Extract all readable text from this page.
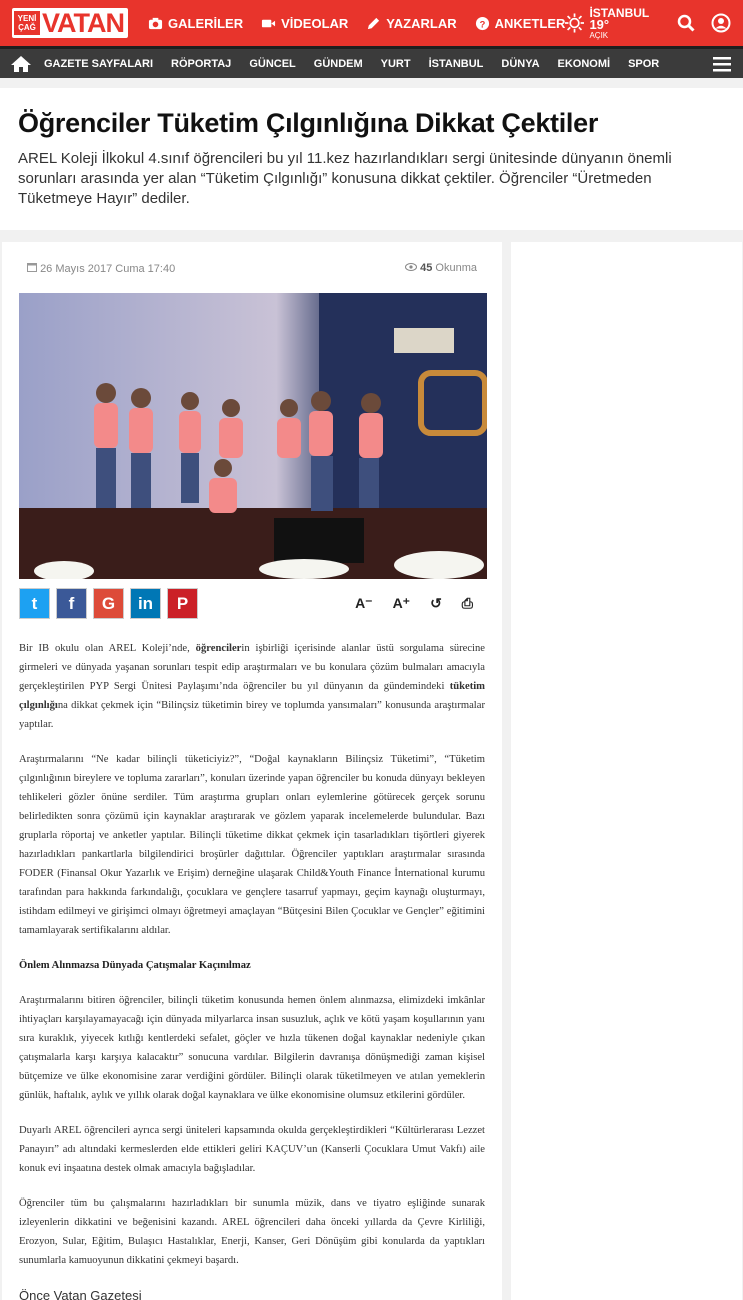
YENİ ÇAĞ VATAN	GALERİLER	VİDEOLAR	YAZARLAR ? ANKETLER
İSTANBUL 19°
AÇIK
GAZETE SAYFALARI RÖPORTAJ GÜNCEL GÜNDEM YURT İSTANBUL DÜNYA EKONOMİ SPOR
Öğrenciler Tüketim Çılgınlığına Dikkat Çektiler

AREL Koleji İlkokul 4.sınıf öğrencileri bu yıl 11.kez hazırlandıkları sergi ünitesinde dünyanın önemli sorunları arasında yer alan “Tüketim Çılgınlığı” konusuna dikkat çektiler. Öğrenciler “Üretmeden Tüketmeye Hayır” dediler.

26 Mayıs 2017 Cuma 17:40	45 Okunma
t f G in P	A⁻ A⁺ ↺ ⎙

Bir IB okulu olan AREL Koleji’nde, öğrencilerin işbirliği içerisinde alanlar üstü sorgulama sürecine girmeleri ve dünyada yaşanan sorunları tespit edip araştırmaları ve bu konulara çözüm bulmaları amacıyla gerçekleştirilen PYP Sergi Ünitesi Paylaşımı’nda öğrenciler bu yıl dünyanın da gündemindeki tüketim çılgınlığına dikkat çekmek için “Bilinçsiz tüketimin birey ve toplumda yansımaları” konusunda araştırmalar yaptılar.

Araştırmalarını “Ne kadar bilinçli tüketiciyiz?”, “Doğal kaynakların Bilinçsiz Tüketimi”, “Tüketim çılgınlığının bireylere ve topluma zararları”, konuları üzerinde yapan öğrenciler bu konuda dünyayı bekleyen tehlikeleri gözler önüne serdiler. Tüm araştırma grupları onları eylemlerine götürecek gerçek sorunu belirledikten sonra çözümü için kaynaklar araştırarak ve gözlem yaparak incelemelerde bulundular. Bazı gruplarla röportaj ve anketler yaptılar. Bilinçli tüketime dikkat çekmek için tasarladıkları tişörtleri giyerek hazırladıkları pankartlarla bilgilendirici broşürler dağıttılar. Öğrenciler yaptıkları araştırmalar sırasında FODER (Finansal Okur Yazarlık ve Erişim) derneğine ulaşarak Child&Youth Finance İnternational kurumu tarafından para hakkında farkındalığı, çocuklara ve gençlere tasarruf yapmayı, geçim kaynağı oluşturmayı, istihdam edilmeyi ve girişimci olmayı öğretmeyi amaçlayan “Bütçesini Bilen Çocuklar ve Gençler” eğitimini tamamlayarak sertifikalarını aldılar.

Önlem Alınmazsa Dünyada Çatışmalar Kaçınılmaz

Araştırmalarını bitiren öğrenciler, bilinçli tüketim konusunda hemen önlem alınmazsa, elimizdeki imkânlar ihtiyaçları karşılayamayacağı için dünyada milyarlarca insan susuzluk, açlık ve kötü yaşam koşullarının yanı sıra kuraklık, yiyecek kıtlığı kentlerdeki sefalet, göçler ve hızla tükenen doğal kaynaklar nedeniyle çıkan çatışmalarla karşı karşıya kalacaktır” sonucuna vardılar. Bilgilerin davranışa dönüşmediği zaman kişisel bütçemize ve ülke ekonomisine zarar verdiğini gördüler. Bilinçli olarak tüketilmeyen ve atılan yemeklerin günlük, haftalık, aylık ve yıllık olarak doğal kaynaklara ve ülke ekonomisine olumsuz etkilerini gördüler.

Duyarlı AREL öğrencileri ayrıca sergi üniteleri kapsamında okulda gerçekleştirdikleri “Kültürlerarası Lezzet Panayırı” adı altındaki kermeslerden elde ettikleri geliri KAÇUV’un (Kanserli Çocuklara Umut Vakfı) aile konuk evi inşaatına destek olmak amacıyla bağışladılar.

Öğrenciler tüm bu çalışmalarını hazırladıkları bir sunumla müzik, dans ve tiyatro eşliğinde sunarak izleyenlerin dikkatini ve beğenisini kazandı. AREL öğrencileri daha önceki yıllarda da Çevre Kirliliği, Erozyon, Sular, Eğitim, Bulaşıcı Hastalıklar, Enerji, Kanser, Geri Dönüşüm gibi konularda da yaptıkları sunumlarla kamuoyunun dikkatini çekmeyi başardı.

Önce Vatan Gazetesi
